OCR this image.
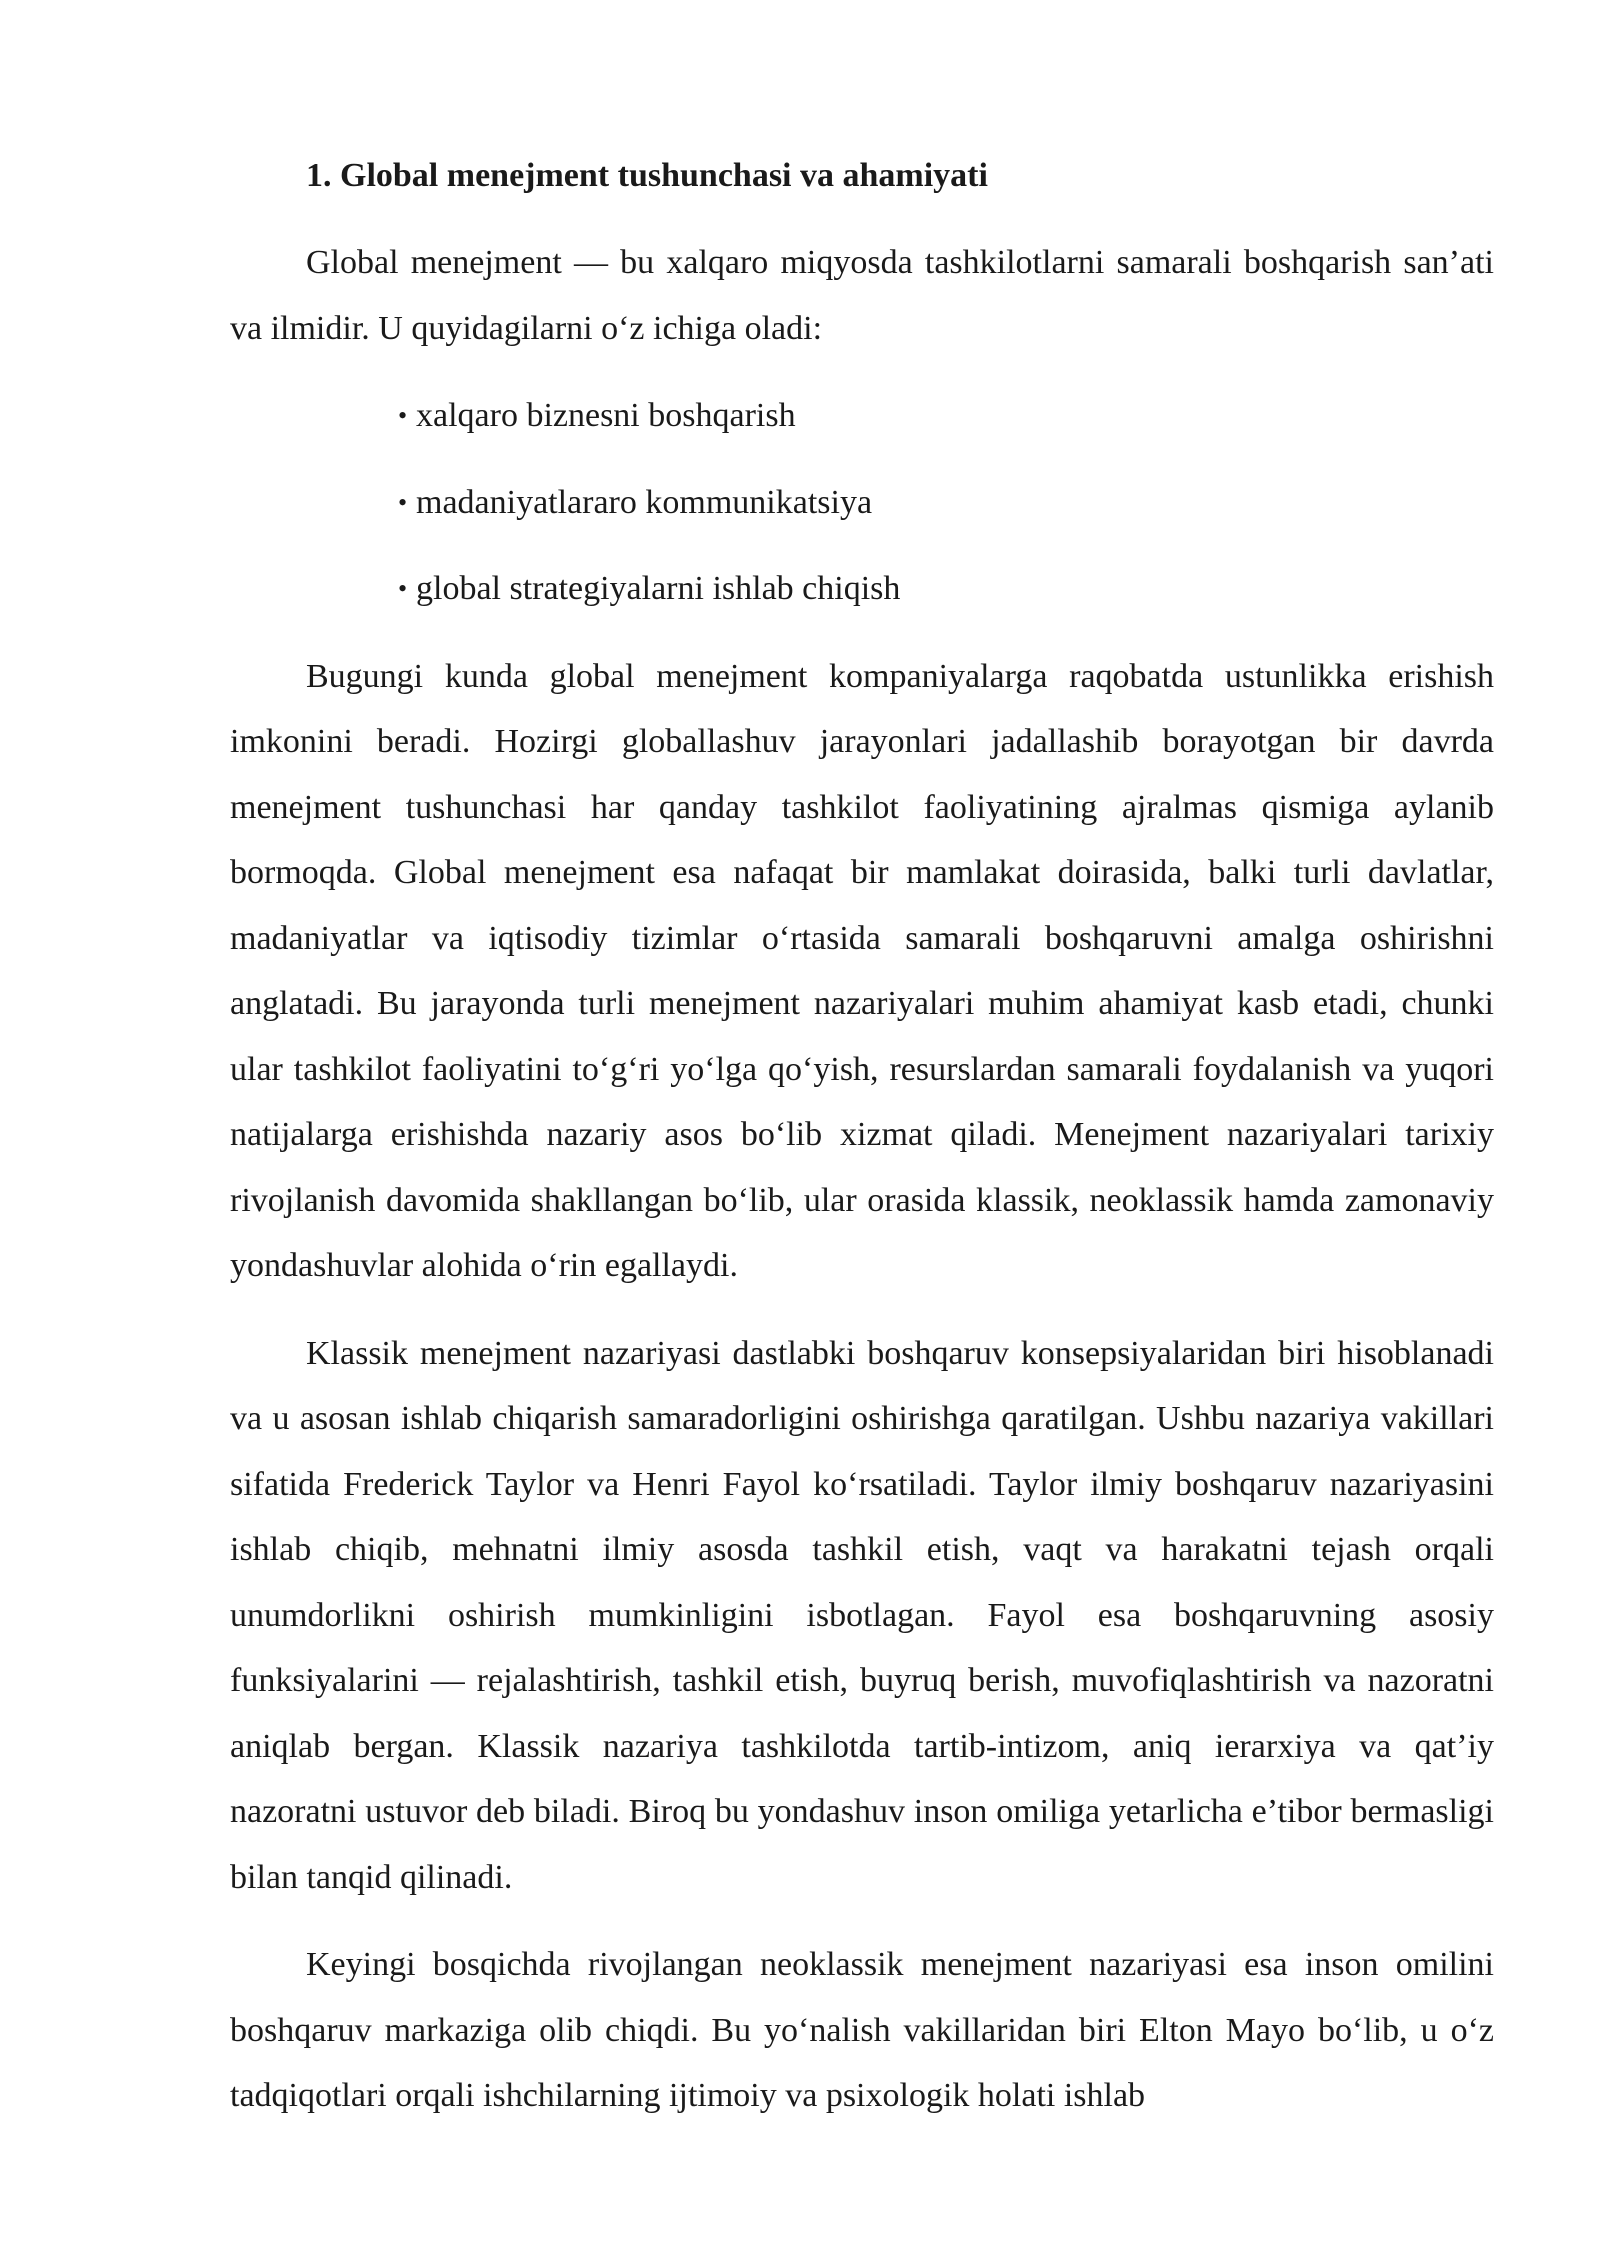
1. Global menejment tushunchasi va ahamiyati

Global menejment — bu xalqaro miqyosda tashkilotlarni samarali boshqarish san’ati va ilmidir. U quyidagilarni o‘z ichiga oladi:

• xalqaro biznesni boshqarish
• madaniyatlararo kommunikatsiya
• global strategiyalarni ishlab chiqish

Bugungi kunda global menejment kompaniyalarga raqobatda ustunlikka erishish imkonini beradi. Hozirgi globallashuv jarayonlari jadallashib borayotgan bir davrda menejment tushunchasi har qanday tashkilot faoliyatining ajralmas qismiga aylanib bormoqda. Global menejment esa nafaqat bir mamlakat doirasida, balki turli davlatlar, madaniyatlar va iqtisodiy tizimlar o‘rtasida samarali boshqaruvni amalga oshirishni anglatadi. Bu jarayonda turli menejment nazariyalari muhim ahamiyat kasb etadi, chunki ular tashkilot faoliyatini to‘g‘ri yo‘lga qo‘yish, resurslardan samarali foydalanish va yuqori natijalarga erishishda nazariy asos bo‘lib xizmat qiladi. Menejment nazariyalari tarixiy rivojlanish davomida shakllangan bo‘lib, ular orasida klassik, neoklassik hamda zamonaviy yondashuvlar alohida o‘rin egallaydi.

Klassik menejment nazariyasi dastlabki boshqaruv konsepsiyalaridan biri hisoblanadi va u asosan ishlab chiqarish samaradorligini oshirishga qaratilgan. Ushbu nazariya vakillari sifatida Frederick Taylor va Henri Fayol ko‘rsatiladi. Taylor ilmiy boshqaruv nazariyasini ishlab chiqib, mehnatni ilmiy asosda tashkil etish, vaqt va harakatni tejash orqali unumdorlikni oshirish mumkinligini isbotlagan. Fayol esa boshqaruvning asosiy funksiyalarini — rejalashtirish, tashkil etish, buyruq berish, muvofiqlashtirish va nazoratni aniqlab bergan. Klassik nazariya tashkilotda tartib-intizom, aniq ierarxiya va qat’iy nazoratni ustuvor deb biladi. Biroq bu yondashuv inson omiliga yetarlicha e’tibor bermasligi bilan tanqid qilinadi.

Keyingi bosqichda rivojlangan neoklassik menejment nazariyasi esa inson omilini boshqaruv markaziga olib chiqdi. Bu yo‘nalish vakillaridan biri Elton Mayo bo‘lib, u o‘z tadqiqotlari orqali ishchilarning ijtimoiy va psixologik holati ishlab
